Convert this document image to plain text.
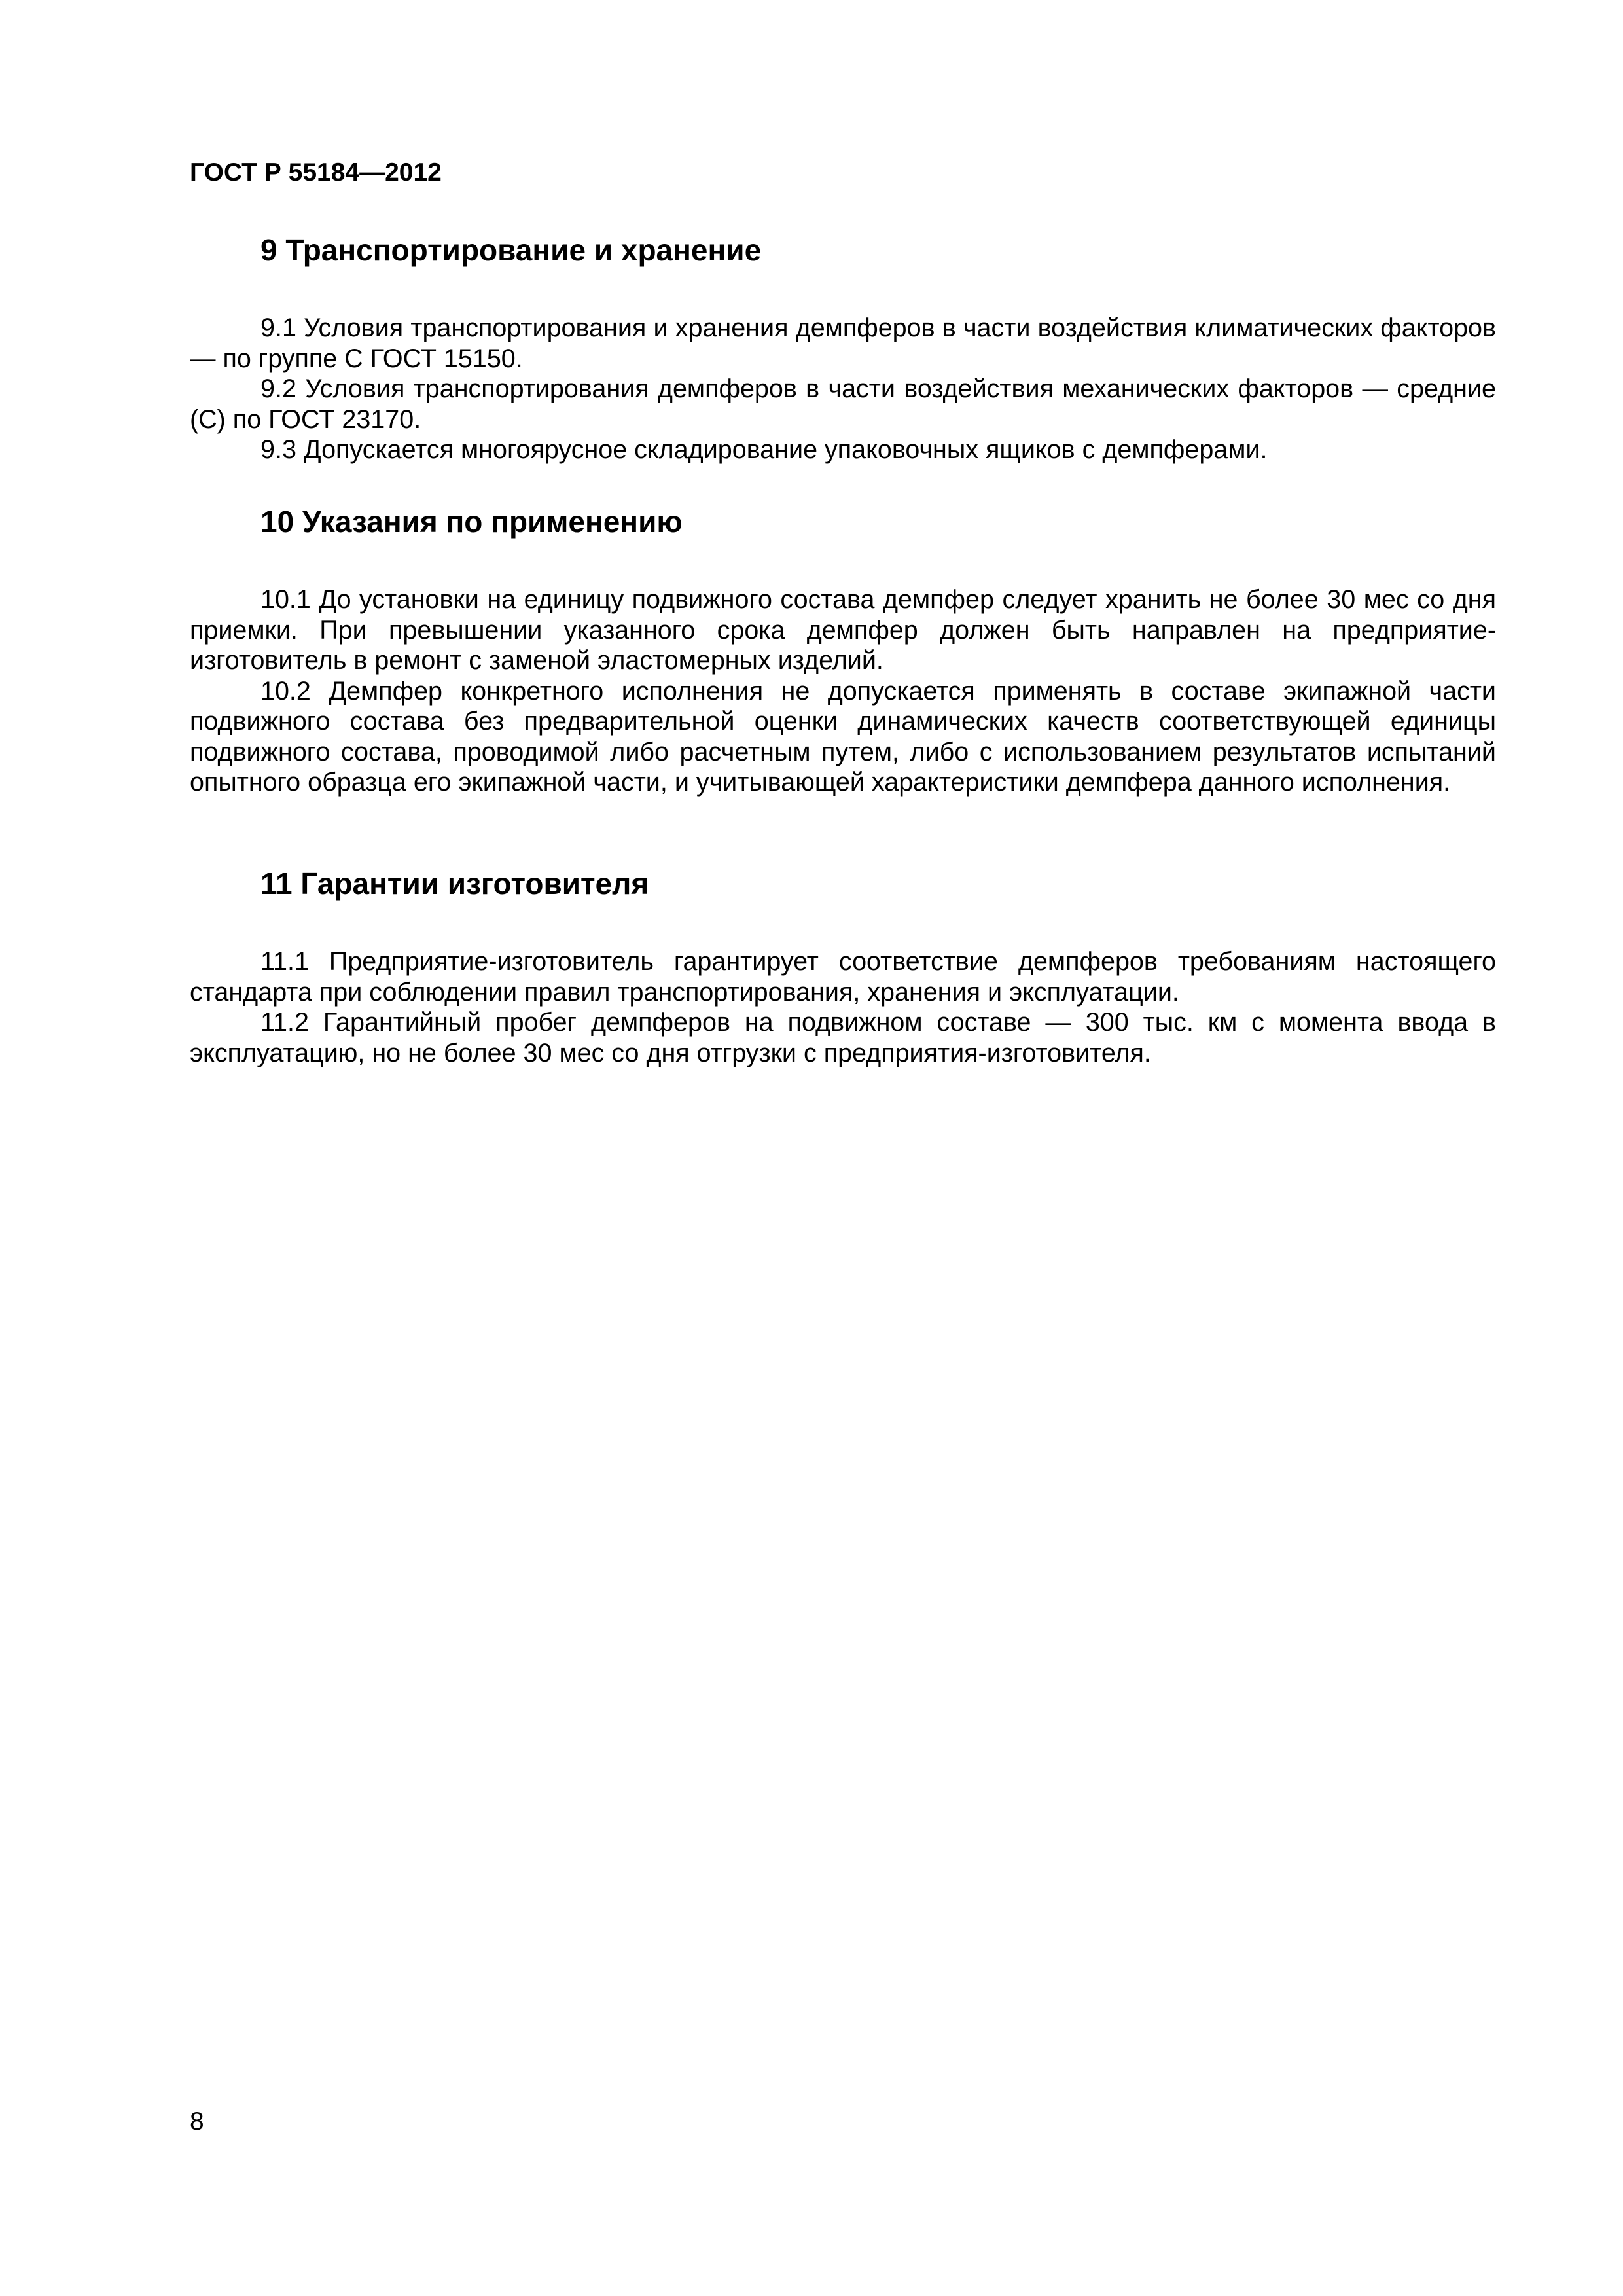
ГОСТ Р 55184—2012
9 Транспортирование и хранение

9.1 Условия транспортирования и хранения демпферов в части воздействия климатических факторов — по группе С ГОСТ 15150.

9.2 Условия транспортирования демпферов в части воздействия механических факторов — средние (С) по ГОСТ 23170.

9.3 Допускается многоярусное складирование упаковочных ящиков с демпферами.

10 Указания по применению

10.1 До установки на единицу подвижного состава демпфер следует хранить не более 30 мес со дня приемки. При превышении указанного срока демпфер должен быть направлен на предприятие-изготовитель в ремонт с заменой эластомерных изделий.

10.2 Демпфер конкретного исполнения не допускается применять в составе экипажной части подвижного состава без предварительной оценки динамических качеств соответствующей единицы подвижного состава, проводимой либо расчетным путем, либо с использованием результатов испытаний опытного образца его экипажной части, и учитывающей характеристики демпфера данного исполнения.

11 Гарантии изготовителя

11.1 Предприятие-изготовитель гарантирует соответствие демпферов требованиям настоящего стандарта при соблюдении правил транспортирования, хранения и эксплуатации.

11.2 Гарантийный пробег демпферов на подвижном составе — 300 тыс. км с момента ввода в эксплуатацию, но не более 30 мес со дня отгрузки с предприятия-изготовителя.

8
